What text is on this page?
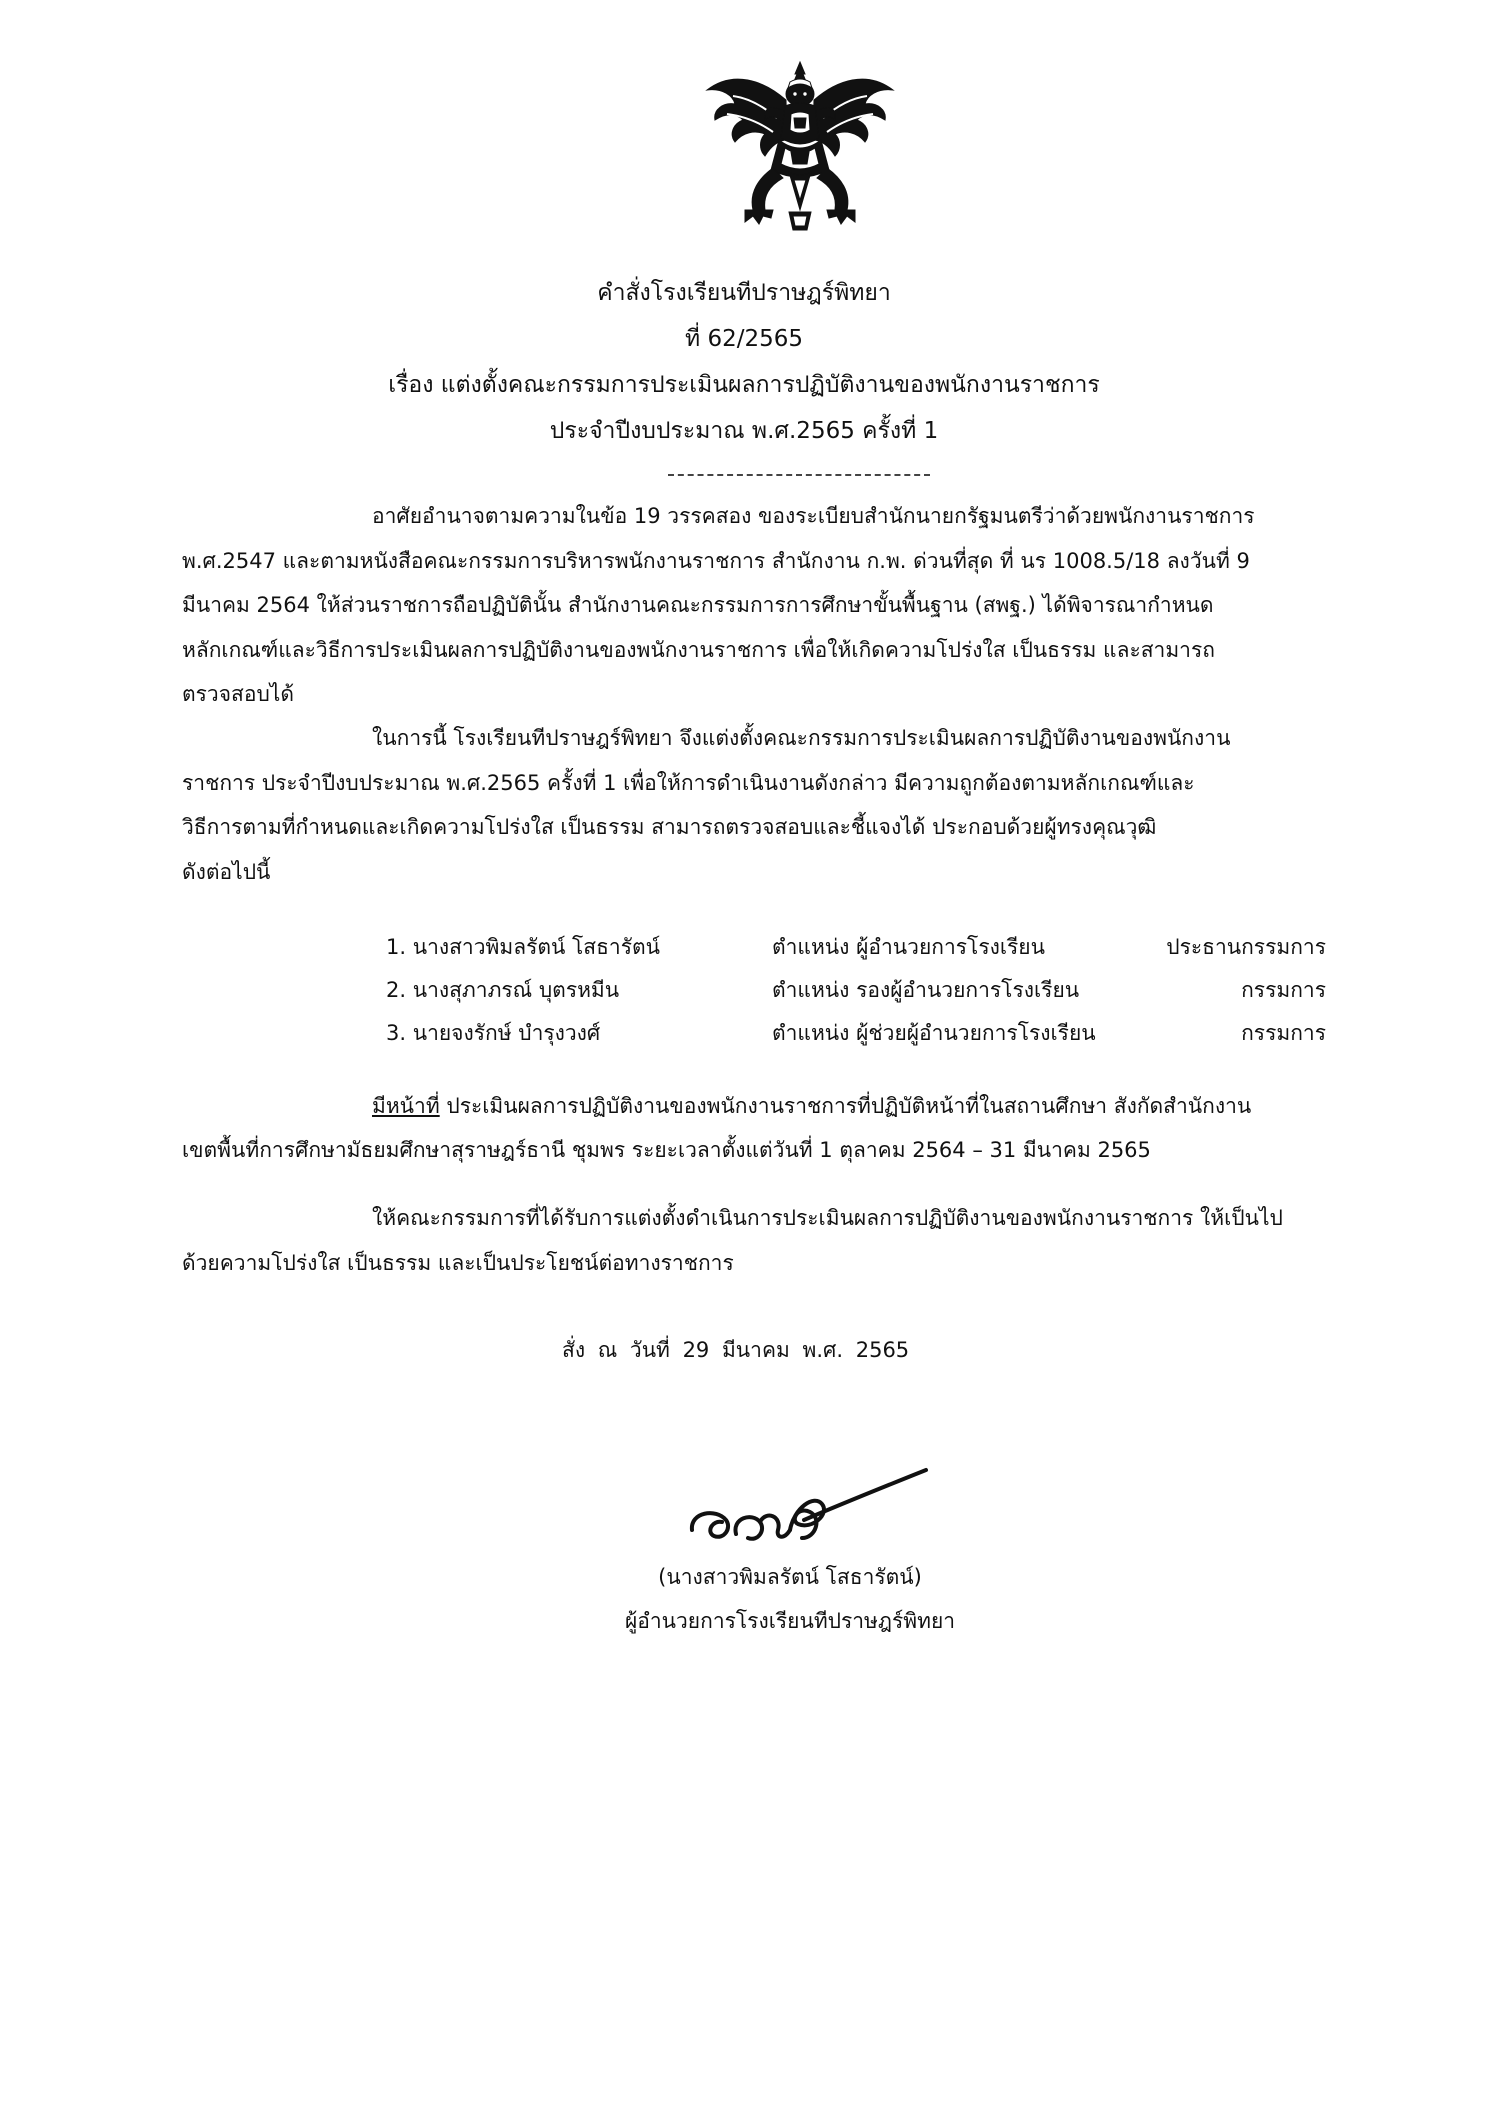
คำสั่งโรงเรียนทีปราษฎร์พิทยา
ที่ 62/2565
เรื่อง แต่งตั้งคณะกรรมการประเมินผลการปฏิบัติงานของพนักงานราชการ
ประจำปีงบประมาณ พ.ศ.2565 ครั้งที่ 1
อาศัยอำนาจตามความในข้อ 19 วรรคสอง ของระเบียบสำนักนายกรัฐมนตรีว่าด้วยพนักงานราชการ
พ.ศ.2547 และตามหนังสือคณะกรรมการบริหารพนักงานราชการ สำนักงาน ก.พ. ด่วนที่สุด ที่ นร 1008.5/18 ลงวันที่ 9
มีนาคม 2564 ให้ส่วนราชการถือปฏิบัตินั้น สำนักงานคณะกรรมการการศึกษาขั้นพื้นฐาน (สพฐ.) ได้พิจารณากำหนด
หลักเกณฑ์และวิธีการประเมินผลการปฏิบัติงานของพนักงานราชการ เพื่อให้เกิดความโปร่งใส เป็นธรรม และสามารถ
ตรวจสอบได้
ในการนี้ โรงเรียนทีปราษฎร์พิทยา จึงแต่งตั้งคณะกรรมการประเมินผลการปฏิบัติงานของพนักงาน
ราชการ ประจำปีงบประมาณ พ.ศ.2565 ครั้งที่ 1 เพื่อให้การดำเนินงานดังกล่าว มีความถูกต้องตามหลักเกณฑ์และ
วิธีการตามที่กำหนดและเกิดความโปร่งใส เป็นธรรม สามารถตรวจสอบและชี้แจงได้ ประกอบด้วยผู้ทรงคุณวุฒิ
ดังต่อไปนี้
1. นางสาวพิมลรัตน์ โสธารัตน์	ตำแหน่ง ผู้อำนวยการโรงเรียน	ประธานกรรมการ
2. นางสุภาภรณ์ บุตรหมีน	ตำแหน่ง รองผู้อำนวยการโรงเรียน	กรรมการ
3. นายจงรักษ์ บำรุงวงศ์	ตำแหน่ง ผู้ช่วยผู้อำนวยการโรงเรียน	กรรมการ
มีหน้าที่ ประเมินผลการปฏิบัติงานของพนักงานราชการที่ปฏิบัติหน้าที่ในสถานศึกษา สังกัดสำนักงาน
เขตพื้นที่การศึกษามัธยมศึกษาสุราษฎร์ธานี ชุมพร ระยะเวลาตั้งแต่วันที่ 1 ตุลาคม 2564 – 31 มีนาคม 2565
ให้คณะกรรมการที่ได้รับการแต่งตั้งดำเนินการประเมินผลการปฏิบัติงานของพนักงานราชการ ให้เป็นไป
ด้วยความโปร่งใส เป็นธรรม และเป็นประโยชน์ต่อทางราชการ
สั่ง ณ วันที่ 29 มีนาคม พ.ศ. 2565
(นางสาวพิมลรัตน์ โสธารัตน์)
ผู้อำนวยการโรงเรียนทีปราษฎร์พิทยา
